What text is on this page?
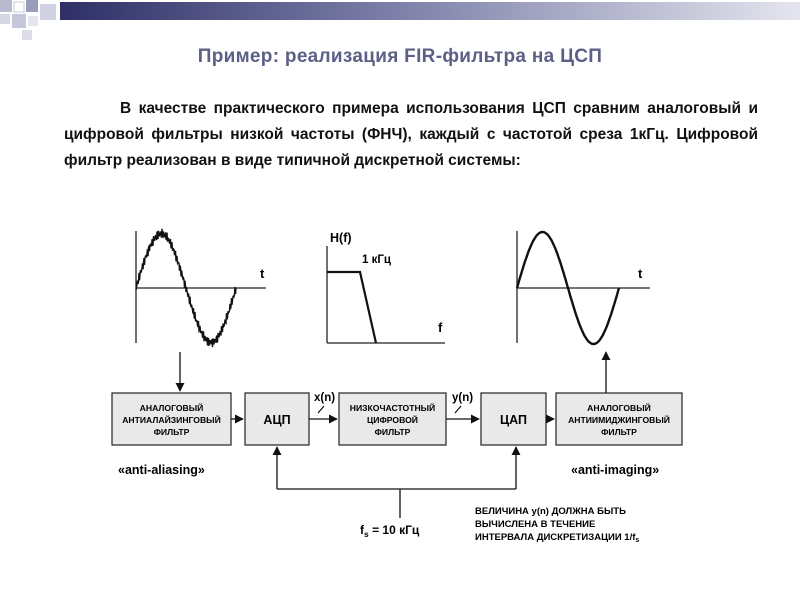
Пример: реализация FIR-фильтра на ЦСП
В качестве практического примера использования ЦСП сравним аналоговый и цифровой фильтры низкой частоты (ФНЧ), каждый с частотой среза 1кГц. Цифровой фильтр реализован в виде типичной дискретной системы:
t
H(f)
1 кГц
f
t
АНАЛОГОВЫЙ
АНТИАЛАЙЗИНГОВЫЙ
ФИЛЬТР
АЦП
НИЗКОЧАСТОТНЫЙ
ЦИФРОВОЙ
ФИЛЬТР
ЦАП
АНАЛОГОВЫЙ
АНТИИМИДЖИНГОВЫЙ
ФИЛЬТР
x(n)	y(n)
«anti-aliasing»	«anti-imaging»
$f_s = 10$ кГц
ВЕЛИЧИНА y(n) ДОЛЖНА БЫТЬ
ВЫЧИСЛЕНА В ТЕЧЕНИЕ
ИНТЕРВАЛА ДИСКРЕТИЗАЦИИ $1/f_s$
